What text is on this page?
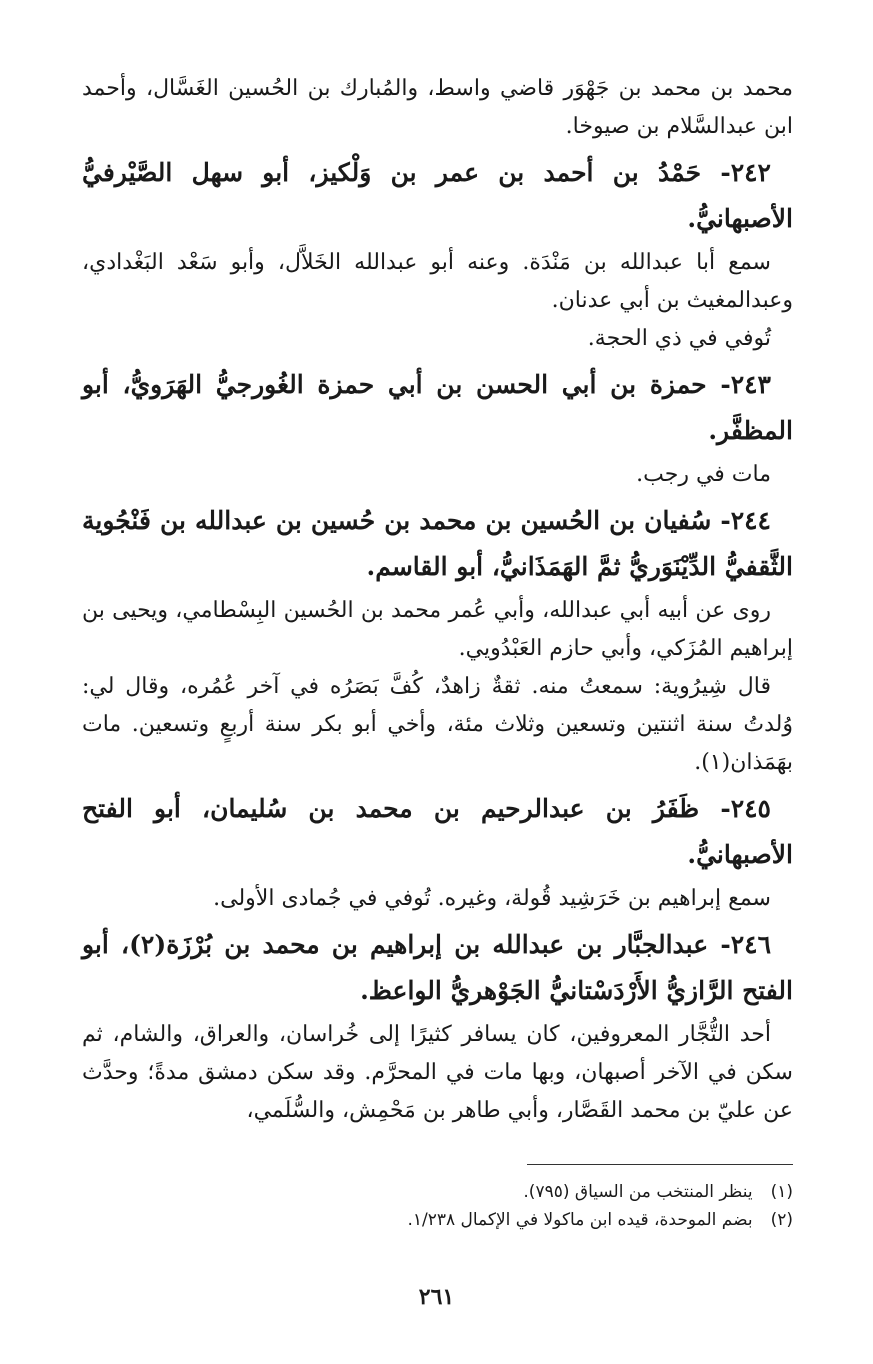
محمد بن محمد بن جَهْوَر قاضي واسط، والمُبارك بن الحُسين الغَسَّال، وأحمد ابن عبدالسَّلام بن صيوخا.

٢٤٢- حَمْدُ بن أحمد بن عمر بن وَلْكيز، أبو سهل الصَّيْرفيُّ الأصبهانيُّ.

سمع أبا عبدالله بن مَنْدَة. وعنه أبو عبدالله الخَلاَّل، وأبو سَعْد البَغْدادي، وعبدالمغيث بن أبي عدنان.

تُوفي في ذي الحجة.

٢٤٣- حمزة بن أبي الحسن بن أبي حمزة الغُورجيُّ الهَرَويُّ، أبو المظفَّر.

مات في رجب.

٢٤٤- سُفيان بن الحُسين بن محمد بن حُسين بن عبدالله بن فَنْجُوية الثَّقفيُّ الدِّيْنَوَريُّ ثمَّ الهَمَذَانيُّ، أبو القاسم.

روى عن أبيه أبي عبدالله، وأبي عُمر محمد بن الحُسين البِسْطامي، ويحيى بن إبراهيم المُزَكي، وأبي حازم العَبْدُويي.

قال شِيرُوية: سمعتُ منه. ثقةٌ زاهدٌ، كُفَّ بَصَرُه في آخر عُمُره، وقال لي: وُلدتُ سنة اثنتين وتسعين وثلاث مئة، وأخي أبو بكر سنة أربعٍ وتسعين. مات بهَمَذان(١).

٢٤٥- ظَفَرُ بن عبدالرحيم بن محمد بن سُليمان، أبو الفتح الأصبهانيُّ.

سمع إبراهيم بن خَرَشِيد قُولة، وغيره. تُوفي في جُمادى الأولى.

٢٤٦- عبدالجبَّار بن عبدالله بن إبراهيم بن محمد بن بُرْزَة(٢)، أبو الفتح الرَّازيُّ الأَرْدَسْتانيُّ الجَوْهريُّ الواعظ.

أحد التُّجَّار المعروفين، كان يسافر كثيرًا إلى خُراسان، والعراق، والشام، ثم سكن في الآخر أصبهان، وبها مات في المحرَّم. وقد سكن دمشق مدةً؛ وحدَّث عن عليّ بن محمد القَصَّار، وأبي طاهر بن مَحْمِش، والسُّلَمي،

(١)ينظر المنتخب من السياق (٧٩٥).

(٢)بضم الموحدة، قيده ابن ماكولا في الإكمال ١/٢٣٨.

٢٦١
